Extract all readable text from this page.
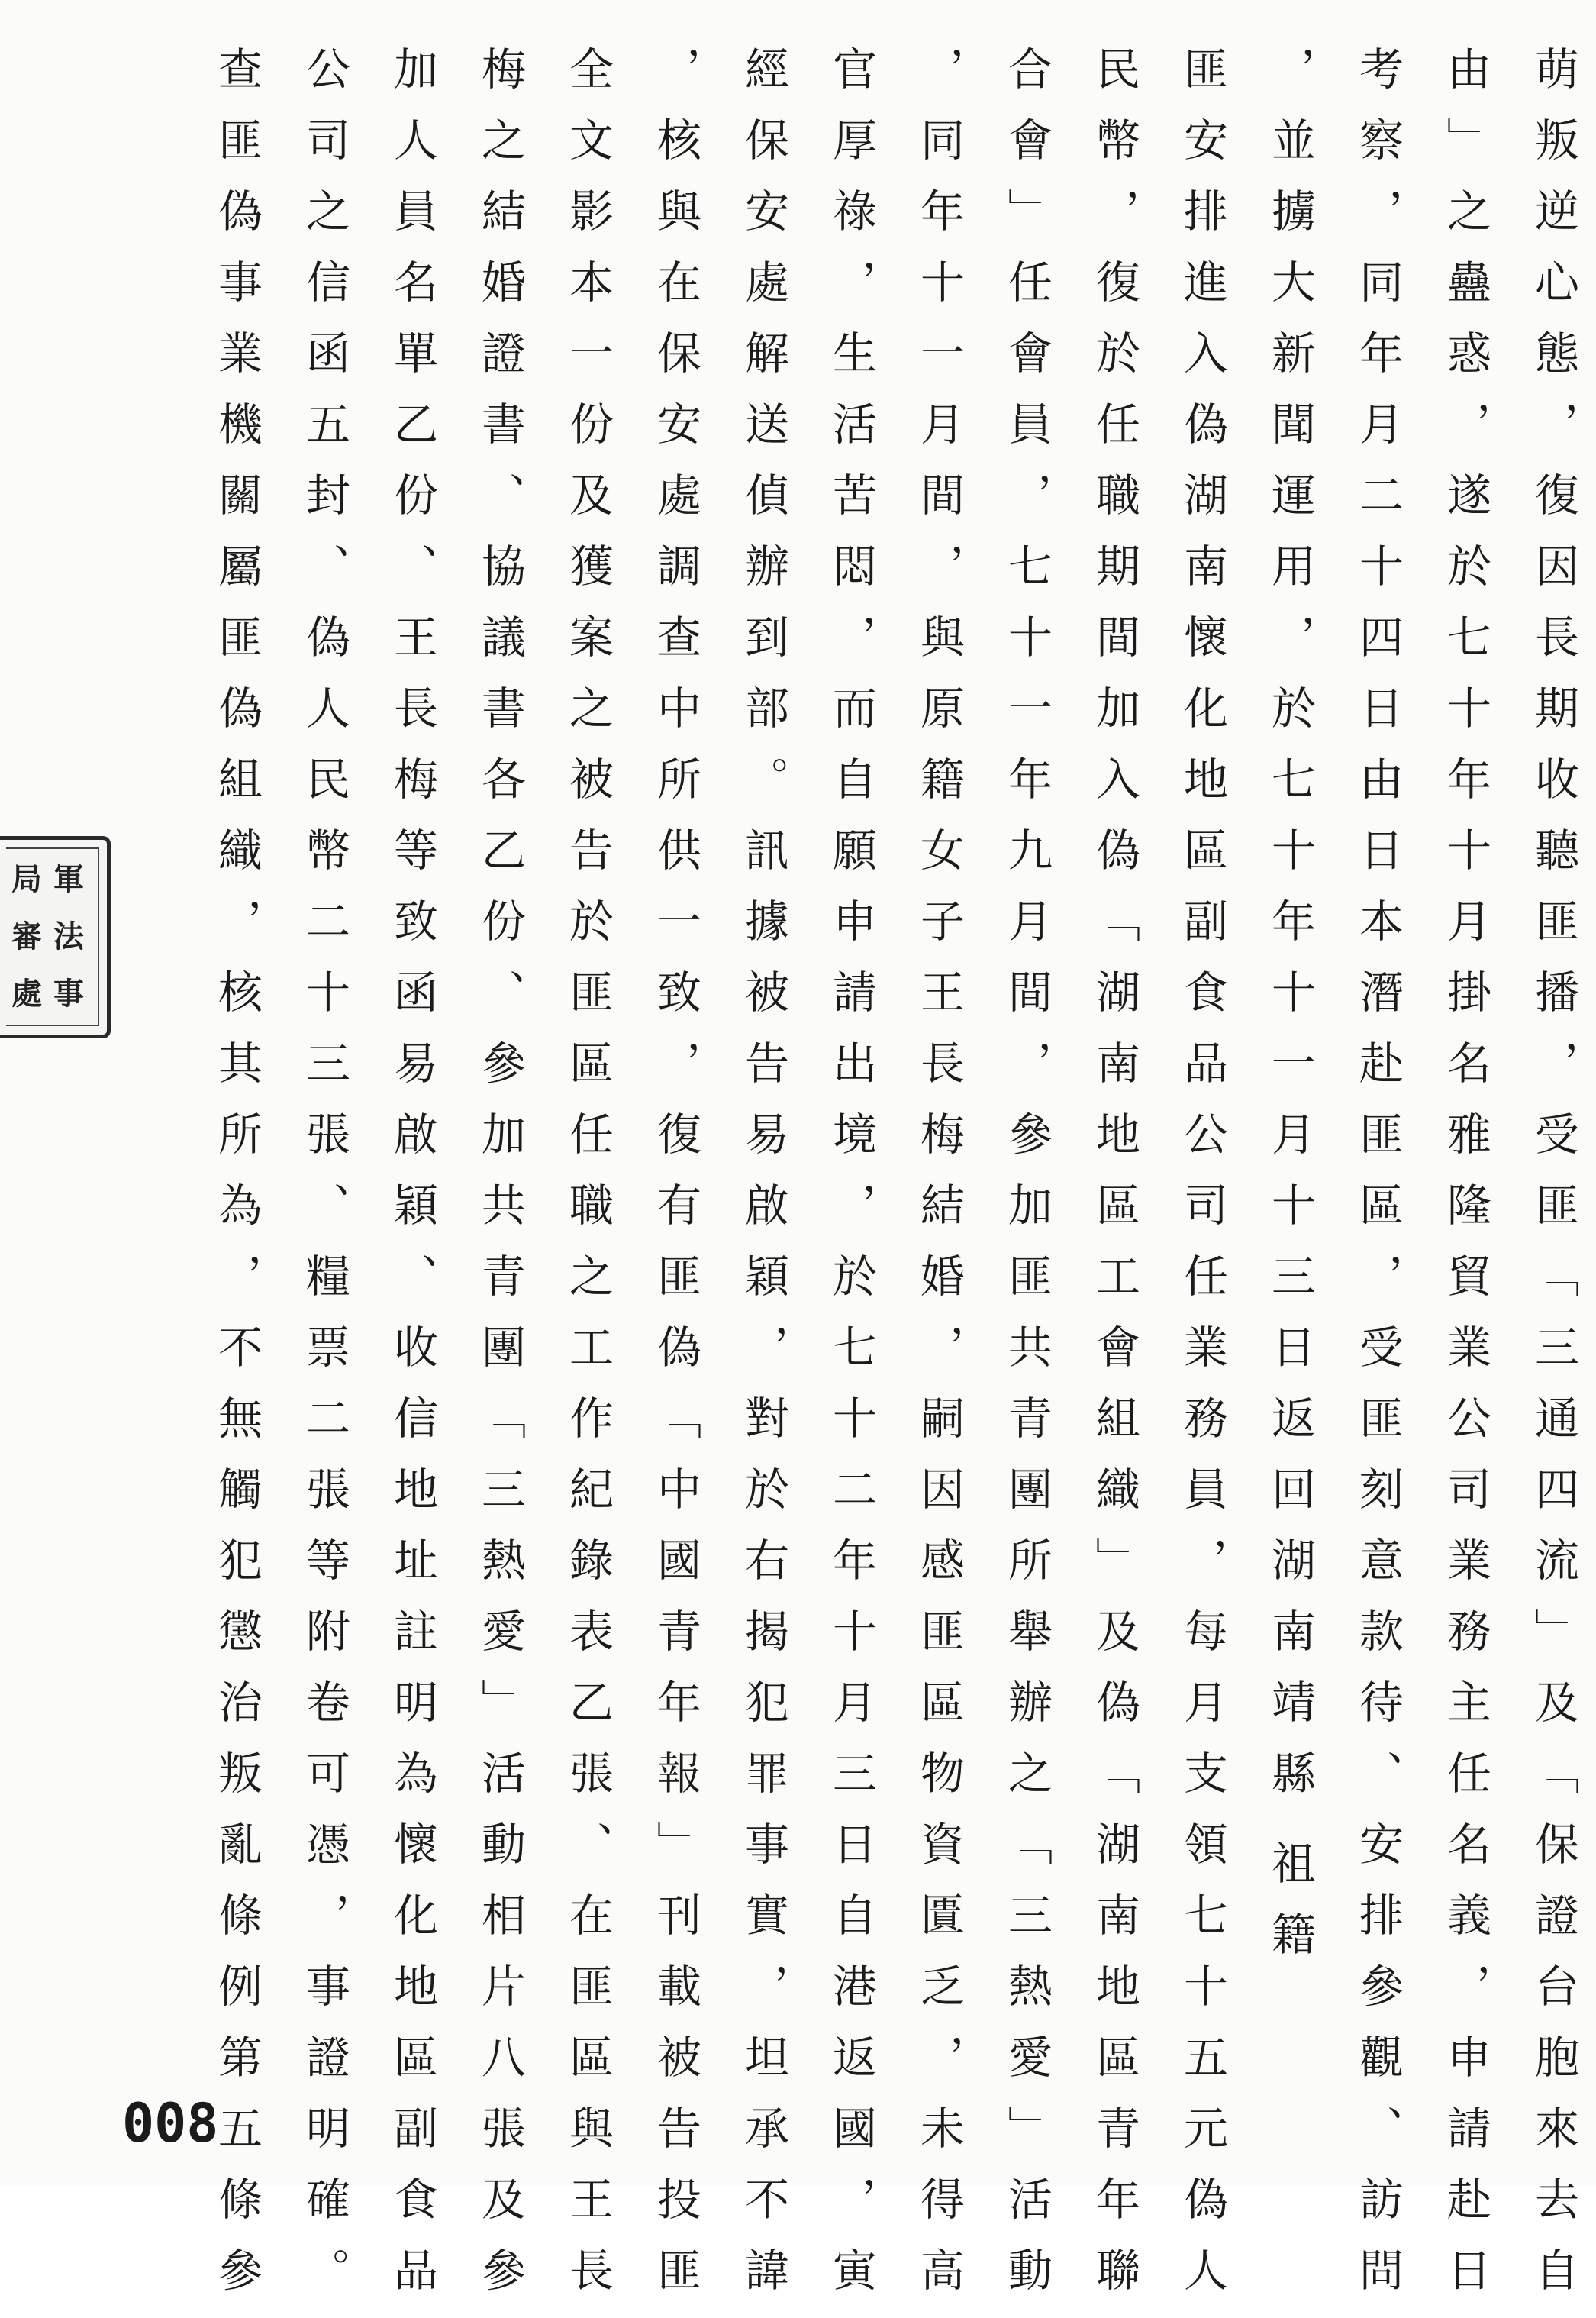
萌叛逆心態，復因長期收聽匪播，受匪「三通四流」及「保證台胞來去自
由」之蠱惑，遂於七十年十月掛名雅隆貿業公司業務主任名義，申請赴日
考察，同年月二十四日由日本潛赴匪區，受匪刻意款待、安排參觀、訪問
，並擄大新聞運用，於七十年十一月十三日返回湖南靖縣
祖籍
匪安排進入偽湖南懷化地區副食品公司任業務員，每月支領七十五元偽人
民幣，復於任職期間加入偽「湖南地區工會組織」及偽「湖南地區青年聯
合會」任會員，七十一年九月間，參加匪共青團所舉辦之「三熱愛」活動
，同年十一月間，與原籍女子王長梅結婚，嗣因感匪區物資匱乏，未得高
官厚祿，生活苦悶，而自願申請出境，於七十二年十月三日自港返國，寅
經保安處解送偵辦到部。訊據被告易啟穎，對於右揭犯罪事實，坦承不諱
，核與在保安處調查中所供一致，復有匪偽「中國青年報」刊載被告投匪
全文影本一份及獲案之被告於匪區任職之工作紀錄表乙張、在匪區與王長
梅之結婚證書、協議書各乙份、參加共青團「三熱愛」活動相片八張及參
加人員名單乙份、王長梅等致函易啟穎、收信地址註明為懷化地區副食品
公司之信函五封、偽人民幣二十三張、糧票二張等附卷可憑，事證明確。
查匪偽事業機關屬匪偽組織，核其所為，不無觸犯懲治叛亂條例第五條參
軍
法
事
局
審
處
008
